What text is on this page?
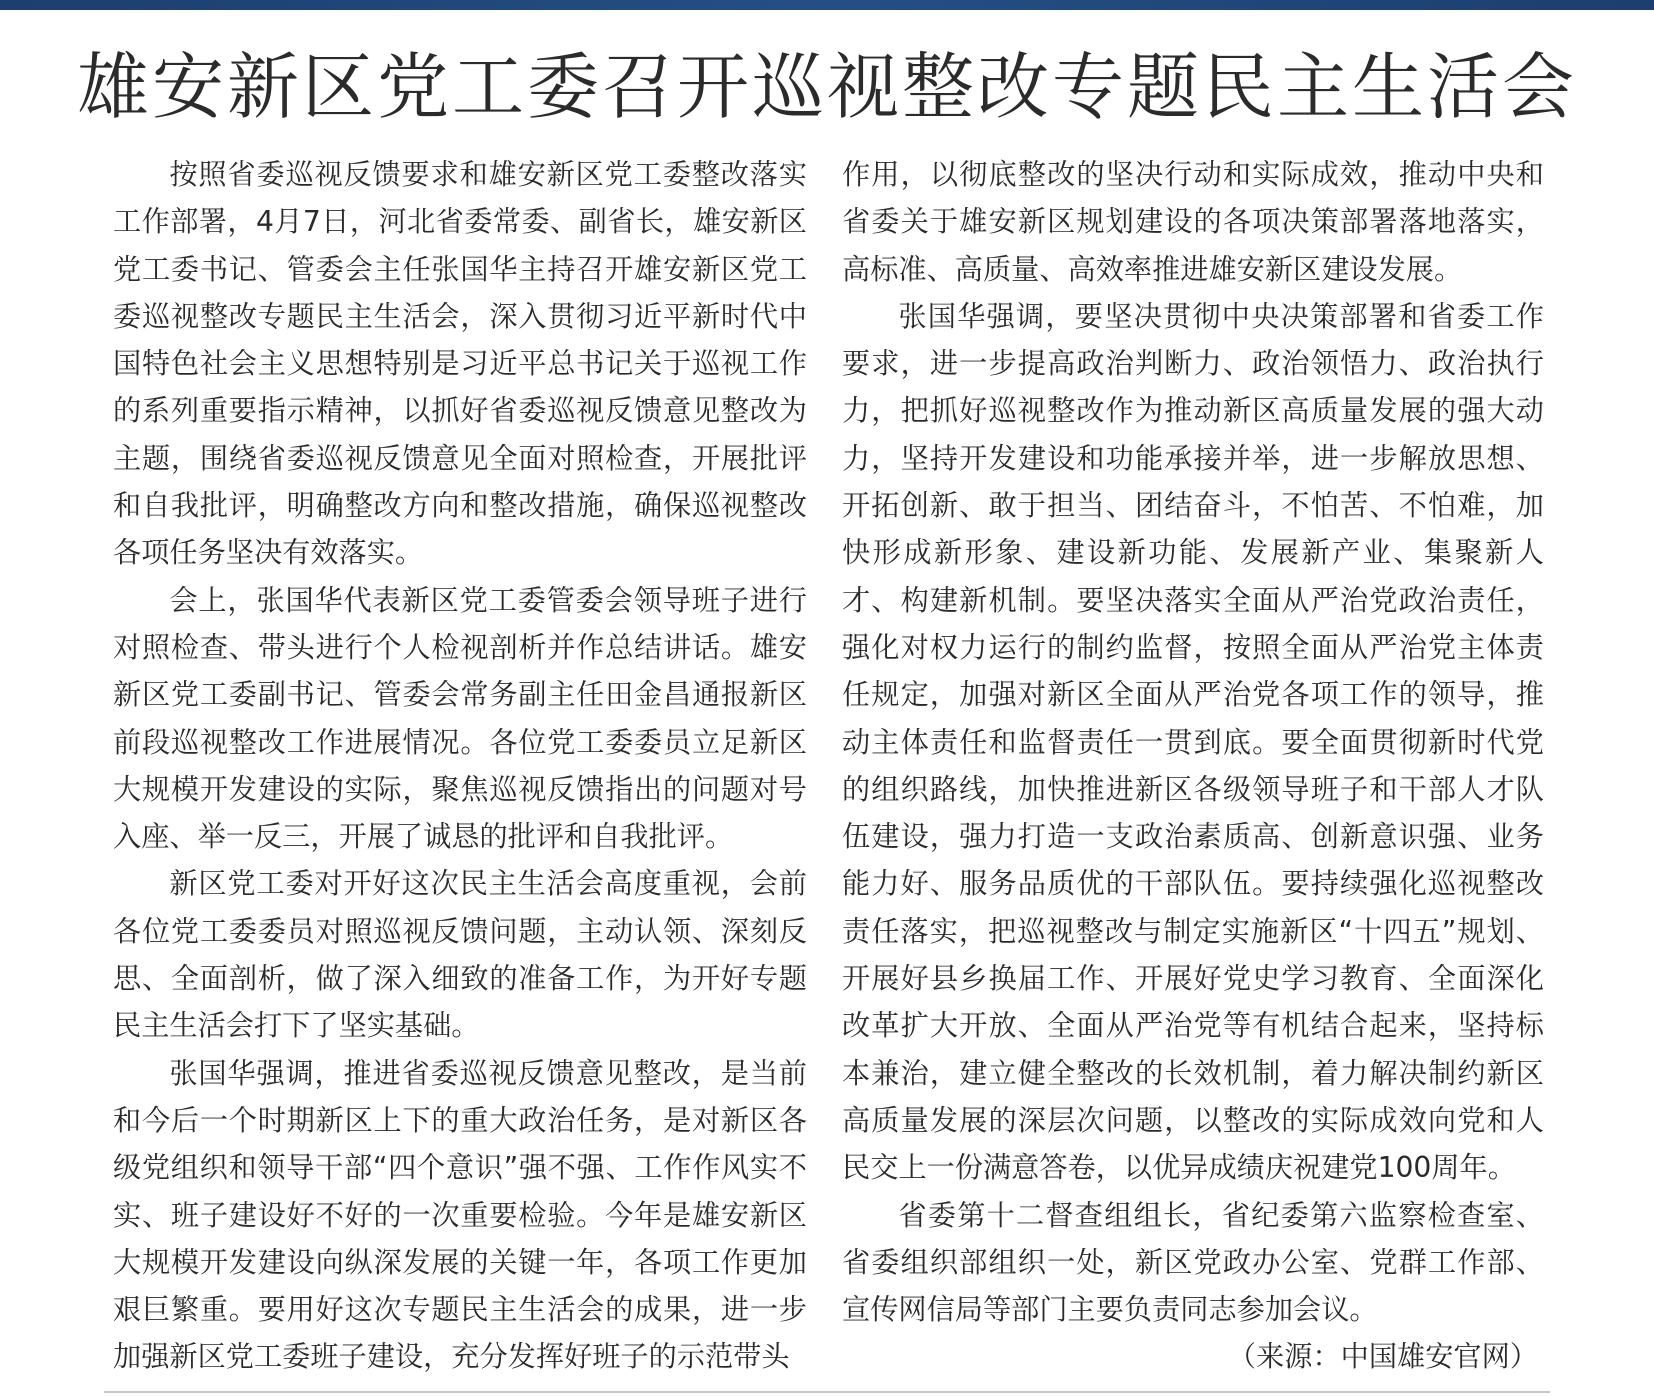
雄安新区党工委召开巡视整改专题民主生活会

按照省委巡视反馈要求和雄安新区党工委整改落实工作部署，4月7日，河北省委常委、副省长，雄安新区党工委书记、管委会主任张国华主持召开雄安新区党工委巡视整改专题民主生活会，深入贯彻习近平新时代中国特色社会主义思想特别是习近平总书记关于巡视工作的系列重要指示精神，以抓好省委巡视反馈意见整改为主题，围绕省委巡视反馈意见全面对照检查，开展批评和自我批评，明确整改方向和整改措施，确保巡视整改各项任务坚决有效落实。

会上，张国华代表新区党工委管委会领导班子进行对照检查、带头进行个人检视剖析并作总结讲话。雄安新区党工委副书记、管委会常务副主任田金昌通报新区前段巡视整改工作进展情况。各位党工委委员立足新区大规模开发建设的实际，聚焦巡视反馈指出的问题对号入座、举一反三，开展了诚恳的批评和自我批评。

新区党工委对开好这次民主生活会高度重视，会前各位党工委委员对照巡视反馈问题，主动认领、深刻反思、全面剖析，做了深入细致的准备工作，为开好专题民主生活会打下了坚实基础。

张国华强调，推进省委巡视反馈意见整改，是当前和今后一个时期新区上下的重大政治任务，是对新区各级党组织和领导干部“四个意识”强不强、工作作风实不实、班子建设好不好的一次重要检验。今年是雄安新区大规模开发建设向纵深发展的关键一年，各项工作更加艰巨繁重。要用好这次专题民主生活会的成果，进一步加强新区党工委班子建设，充分发挥好班子的示范带头

作用，以彻底整改的坚决行动和实际成效，推动中央和省委关于雄安新区规划建设的各项决策部署落地落实，高标准、高质量、高效率推进雄安新区建设发展。

张国华强调，要坚决贯彻中央决策部署和省委工作要求，进一步提高政治判断力、政治领悟力、政治执行力，把抓好巡视整改作为推动新区高质量发展的强大动力，坚持开发建设和功能承接并举，进一步解放思想、开拓创新、敢于担当、团结奋斗，不怕苦、不怕难，加快形成新形象、建设新功能、发展新产业、集聚新人才、构建新机制。要坚决落实全面从严治党政治责任，强化对权力运行的制约监督，按照全面从严治党主体责任规定，加强对新区全面从严治党各项工作的领导，推动主体责任和监督责任一贯到底。要全面贯彻新时代党的组织路线，加快推进新区各级领导班子和干部人才队伍建设，强力打造一支政治素质高、创新意识强、业务能力好、服务品质优的干部队伍。要持续强化巡视整改责任落实，把巡视整改与制定实施新区“十四五”规划、开展好县乡换届工作、开展好党史学习教育、全面深化改革扩大开放、全面从严治党等有机结合起来，坚持标本兼治，建立健全整改的长效机制，着力解决制约新区高质量发展的深层次问题，以整改的实际成效向党和人民交上一份满意答卷，以优异成绩庆祝建党100周年。

省委第十二督查组组长，省纪委第六监察检查室、省委组织部组织一处，新区党政办公室、党群工作部、宣传网信局等部门主要负责同志参加会议。

（来源：中国雄安官网）
